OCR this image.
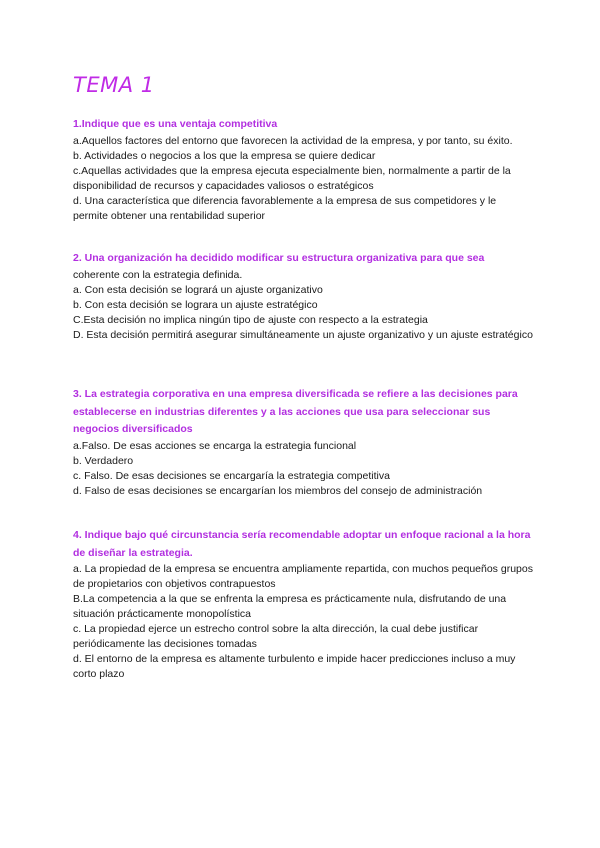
TEMA 1

1.Indique que es una ventaja competitiva

a.Aquellos factores del entorno que favorecen la actividad de la empresa, y por tanto, su éxito.
b. Actividades o negocios a los que la empresa se quiere dedicar
c.Aquellas actividades que la empresa ejecuta especialmente bien, normalmente a partir de la disponibilidad de recursos y capacidades valiosos o estratégicos
d. Una característica que diferencia favorablemente a la empresa de sus competidores y le permite obtener una rentabilidad superior

2. Una organización ha decidido modificar su estructura organizativa para que sea

coherente con la estrategia definida.
a. Con esta decisión se logrará un ajuste organizativo
b. Con esta decisión se lograra un ajuste estratégico
C.Esta decisión no implica ningún tipo de ajuste con respecto a la estrategia
D. Esta decisión permitirá asegurar simultáneamente un ajuste organizativo y un ajuste estratégico

3. La estrategia corporativa en una empresa diversificada se refiere a las decisiones para establecerse en industrias diferentes y a las acciones que usa para seleccionar sus negocios diversificados

a.Falso. De esas acciones se encarga la estrategia funcional
b. Verdadero
c. Falso. De esas decisiones se encargaría la estrategia competitiva
d. Falso de esas decisiones se encargarían los miembros del consejo de administración

4. Indique bajo qué circunstancia sería recomendable adoptar un enfoque racional a la hora de diseñar la estrategia.

a. La propiedad de la empresa se encuentra ampliamente repartida, con muchos pequeños grupos de propietarios con objetivos contrapuestos
B.La competencia a la que se enfrenta la empresa es prácticamente nula, disfrutando de una situación prácticamente monopolística
c. La propiedad ejerce un estrecho control sobre la alta dirección, la cual debe justificar periódicamente las decisiones tomadas
d. El entorno de la empresa es altamente turbulento e impide hacer predicciones incluso a muy corto plazo
